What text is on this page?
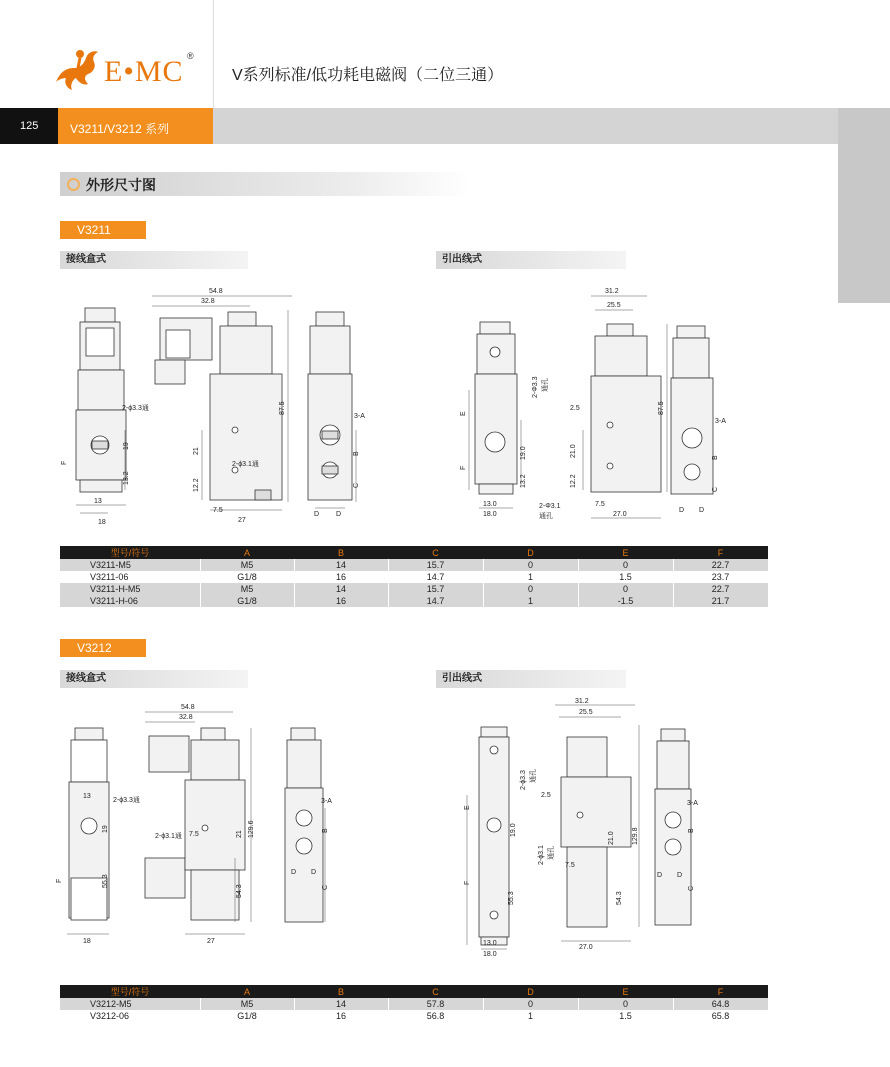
E•MC ®
V系列标准/低功耗电磁阀（二位三通）
125	V3211/V3212 系列
外形尺寸图
V3211
接线盒式	引出线式
54.8
32.8
87.5
2-ϕ3.3通
19
F
13.2
13
18
2-ϕ3.1通
21
12.2
7.5
27
3-A
B
C
D D
31.2
25.5
87.5
2-Φ3.3 通孔
E
19.0	21.0
F
13.2	12.2
2.5
13.0
18.0
2-Φ3.1
通孔
7.5
27.0
3-A
B
C
D D
型号/符号	A	B	C	D	E	F
V3211-M5	M5	14	15.7	0	0	22.7
V3211-06	G1/8	16	14.7	1	1.5	23.7
V3211-H-M5	M5	14	15.7	0	0	22.7
V3211-H-06	G1/8	16	14.7	1	-1.5	21.7
V3212
接线盒式	引出线式
54.8
32.8
2-ϕ3.3通
13
19
F	55.3
18
2-ϕ3.1通 7.5	21 129.6
54.3
27
3-A
B
D D
C
31.2
25.5
2-ϕ3.3 通孔
E
2.5
19.0
2-ϕ3.1 通孔
7.5
21.0 129.8
F
55.3	54.3
13.0
18.0
27.0
3-A
B
D D
C
型号/符号	A	B	C	D	E	F
V3212-M5	M5	14	57.8	0	0	64.8
V3212-06	G1/8	16	56.8	1	1.5	65.8
